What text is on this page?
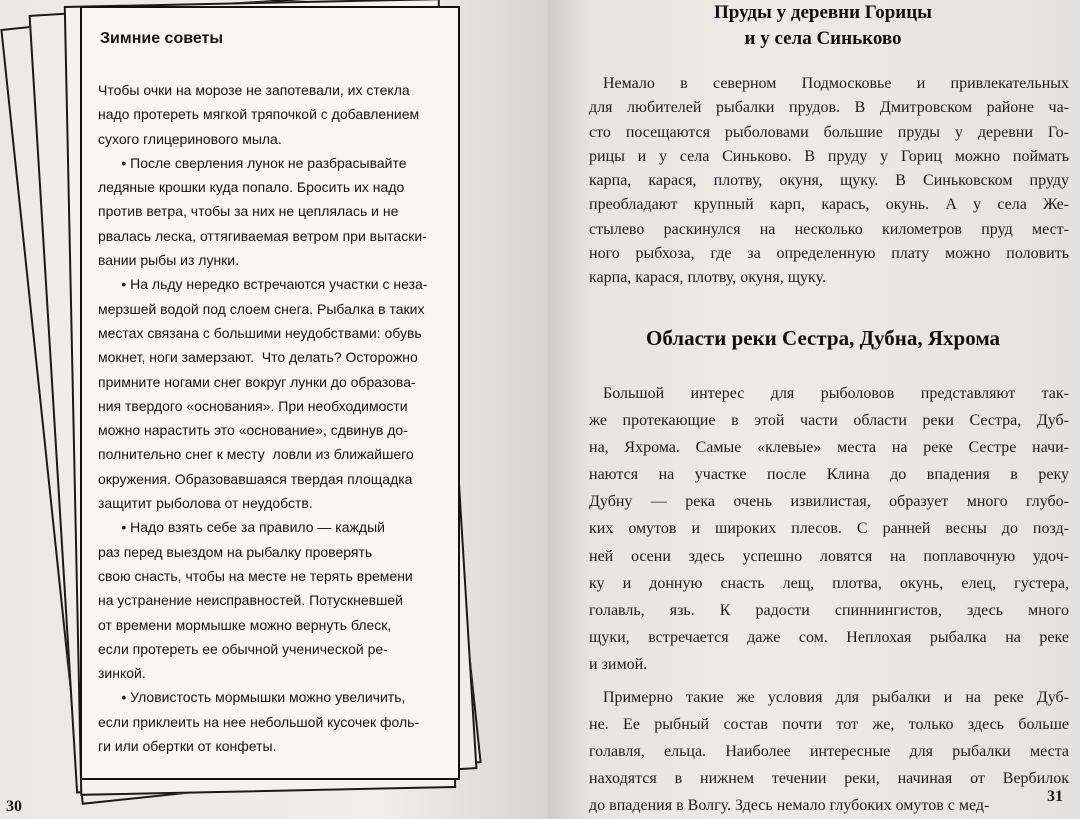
Зимние советы
Чтобы очки на морозе не запотевали, их стекла
надо протереть мягкой тряпочкой с добавлением
сухого глицеринового мыла.
• После сверления лунок не разбрасывайте
ледяные крошки куда попало. Бросить их надо
против ветра, чтобы за них не цеплялась и не
рвалась леска, оттягиваемая ветром при вытаски-
вании рыбы из лунки.
• На льду нередко встречаются участки с неза-
мерзшей водой под слоем снега. Рыбалка в таких
местах связана с большими неудобствами: обувь
мокнет, ноги замерзают.  Что делать? Осторожно
примните ногами снег вокруг лунки до образова-
ния твердого «основания». При необходимости
можно нарастить это «основание», сдвинув до-
полнительно снег к месту  ловли из ближайшего
окружения. Образовавшаяся твердая площадка
защитит рыболова от неудобств.
• Надо взять себе за правило — каждый
раз перед выездом на рыбалку проверять
свою снасть, чтобы на месте не терять времени
на устранение неисправностей. Потускневшей
от времени мормышке можно вернуть блеск,
если протереть ее обычной ученической ре-
зинкой.
• Уловистость мормышки можно увеличить,
если приклеить на нее небольшой кусочек фоль-
ги или обертки от конфеты.
30
Пруды у деревни Горицы
и у села Синьково
Немало в северном Подмосковье и привлекательных
для любителей рыбалки прудов. В Дмитровском районе ча-
сто посещаются рыболовами большие пруды у деревни Го-
рицы и у села Синьково. В пруду у Гориц можно поймать
карпа, карася, плотву, окуня, щуку. В Синьковском пруду
преобладают крупный карп, карась, окунь. А у села Же-
стылево раскинулся на несколько километров пруд мест-
ного рыбхоза, где за определенную плату можно половить
карпа, карася, плотву, окуня, щуку.
Области реки Сестра, Дубна, Яхрома
Большой интерес для рыболовов представляют так-
же протекающие в этой части области реки Сестра, Дуб-
на, Яхрома. Самые «клевые» места на реке Сестре начи-
наются на участке после Клина до впадения в реку
Дубну — река очень извилистая, образует много глубо-
ких омутов и широких плесов. С ранней весны до позд-
ней осени здесь успешно ловятся на поплавочную удоч-
ку и донную снасть лещ, плотва, окунь, елец, густера,
голавль, язь. К радости спиннингистов, здесь много
щуки, встречается даже сом. Неплохая рыбалка на реке
и зимой.
Примерно такие же условия для рыбалки и на реке Дуб-
не. Ее рыбный состав почти тот же, только здесь больше
голавля, ельца. Наиболее интересные для рыбалки места
находятся в нижнем течении реки, начиная от Вербилок
до впадения в Волгу. Здесь немало глубоких омутов с мед-
31
